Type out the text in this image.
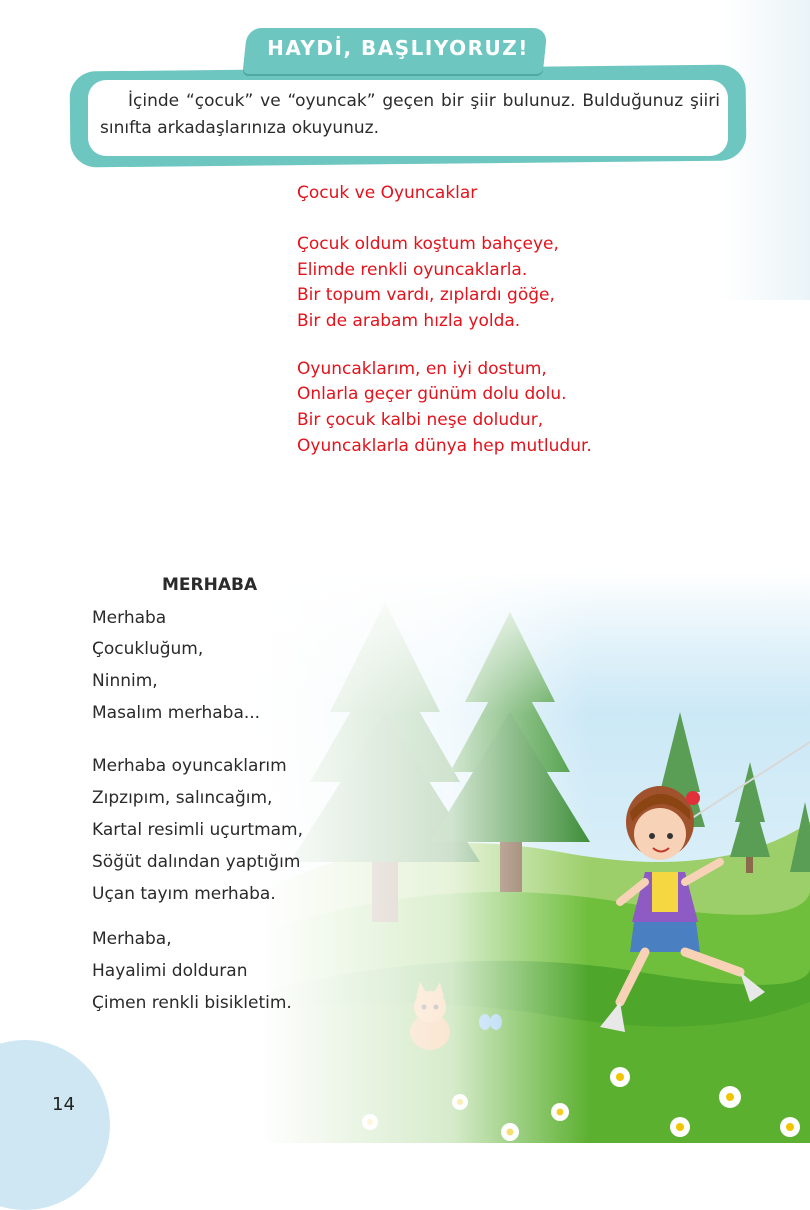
HAYDİ, BAŞLIYORUZ!
İçinde “çocuk” ve “oyuncak” geçen bir şiir bulunuz. Bulduğunuz şiiri sınıfta arkadaşlarınıza okuyunuz.
Çocuk ve Oyuncaklar
Çocuk oldum koştum bahçeye,
Elimde renkli oyuncaklarla.
Bir topum vardı, zıplardı göğe,
Bir de arabam hızla yolda.
Oyuncaklarım, en iyi dostum,
Onlarla geçer günüm dolu dolu.
Bir çocuk kalbi neşe doludur,
Oyuncaklarla dünya hep mutludur.
MERHABA
Merhaba
Çocukluğum,
Ninnim,
Masalım merhaba...
Merhaba oyuncaklarım
Zıpzıpım, salıncağım,
Kartal resimli uçurtmam,
Söğüt dalından yaptığım
Uçan tayım merhaba.
Merhaba,
Hayalimi dolduran
Çimen renkli bisikletim.
14
